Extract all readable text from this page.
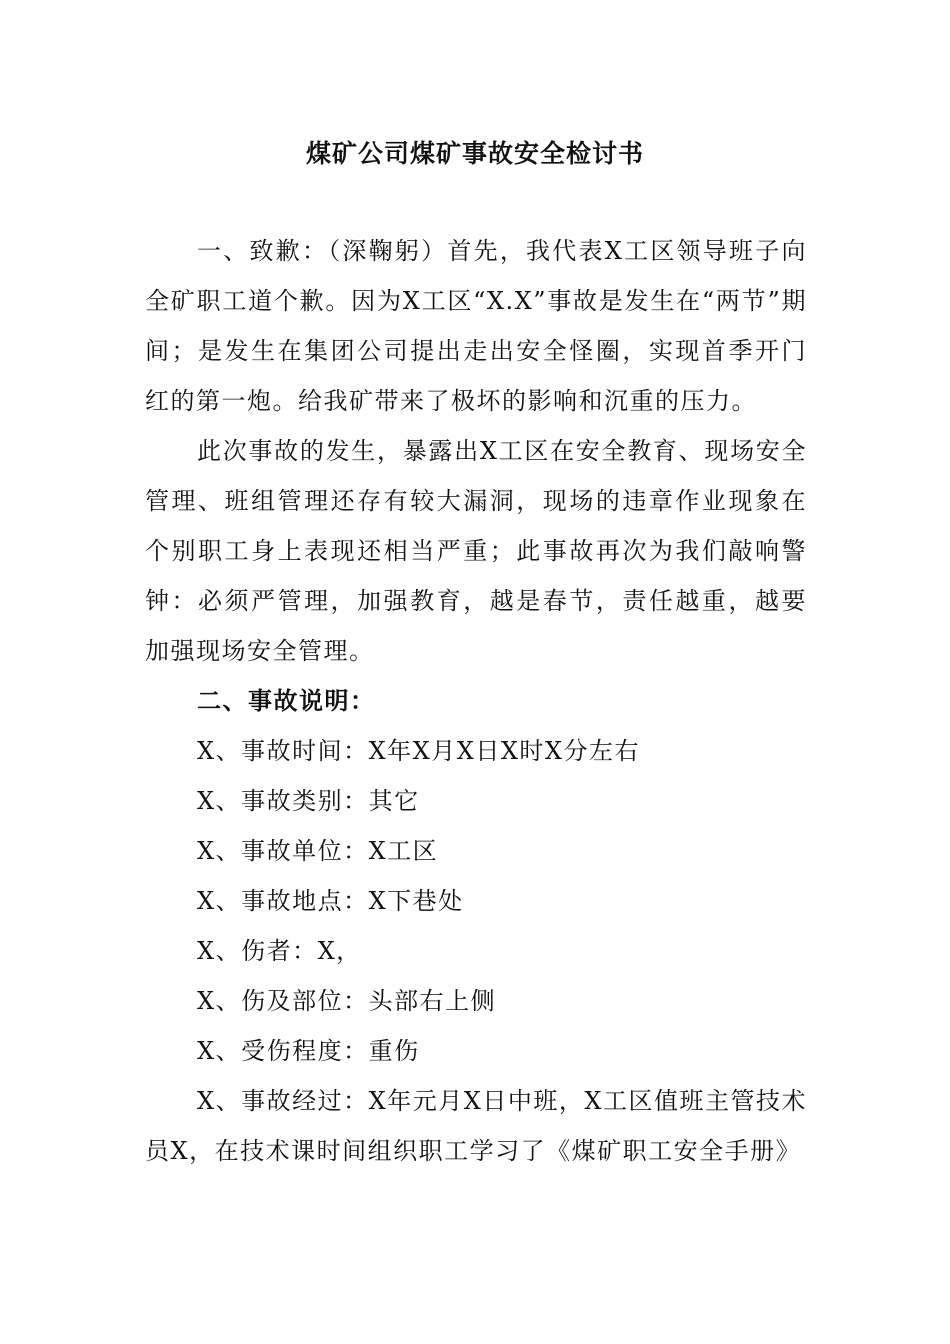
煤矿公司煤矿事故安全检讨书

一、致歉：（深鞠躬）首先，我代表X工区领导班子向全矿职工道个歉。因为X工区“X.X”事故是发生在“两节”期间；是发生在集团公司提出走出安全怪圈，实现首季开门红的第一炮。给我矿带来了极坏的影响和沉重的压力。

此次事故的发生，暴露出X工区在安全教育、现场安全管理、班组管理还存有较大漏洞，现场的违章作业现象在个别职工身上表现还相当严重；此事故再次为我们敲响警钟：必须严管理，加强教育，越是春节，责任越重，越要加强现场安全管理。

二、事故说明：

X、事故时间：X年X月X日X时X分左右

X、事故类别：其它

X、事故单位：X工区

X、事故地点：X下巷处

X、伤者：X，

X、伤及部位：头部右上侧

X、受伤程度：重伤

X、事故经过：X年元月X日中班，X工区值班主管技术员X，在技术课时间组织职工学习了《煤矿职工安全手册》
